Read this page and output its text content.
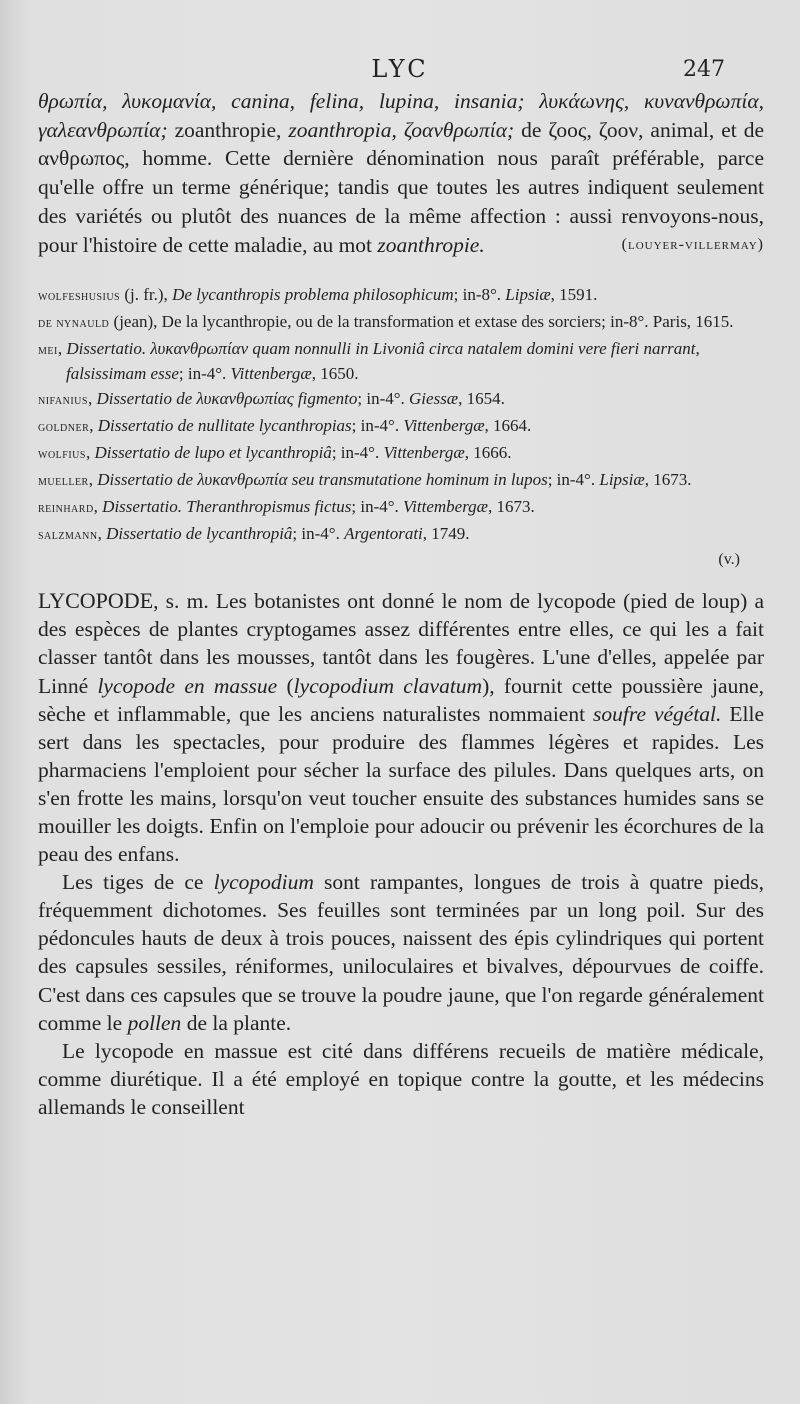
LYC	247

θρωπία, λυκομανία, canina, felina, lupina, insania; λυκάωνης, κυνανθρωπία, γαλεανθρωπία; zoanthropie, zoanthropia, ζοανθρωπία; de ζοος, ζοον, animal, et de ανθρωπος, homme. Cette dernière dénomination nous paraît préférable, parce qu'elle offre un terme générique; tandis que toutes les autres indiquent seulement des variétés ou plutôt des nuances de la même affection : aussi renvoyons-nous, pour l'histoire de cette maladie, au mot zoanthropie.	(louyer-villermay)

wolfeshusius (j. fr.), De lycanthropis problema philosophicum; in-8°. Lipsiæ, 1591.

de nynauld (jean), De la lycanthropie, ou de la transformation et extase des sorciers; in-8°. Paris, 1615.

mei, Dissertatio. λυκανθρωπίαν quam nonnulli in Livoniâ circa natalem domini vere fieri narrant, falsissimam esse; in-4°. Vittenbergæ, 1650.

nifanius, Dissertatio de λυκανθρωπίας figmento; in-4°. Giessæ, 1654.

goldner, Dissertatio de nullitate lycanthropias; in-4°. Vittenbergæ, 1664.

wolfius, Dissertatio de lupo et lycanthropiâ; in-4°. Vittenbergæ, 1666.

mueller, Dissertatio de λυκανθρωπία seu transmutatione hominum in lupos; in-4°. Lipsiæ, 1673.

reinhard, Dissertatio. Theranthropismus fictus; in-4°. Vittembergæ, 1673.

salzmann, Dissertatio de lycanthropiâ; in-4°. Argentorati, 1749.

(v.)

LYCOPODE, s. m. Les botanistes ont donné le nom de lycopode (pied de loup) a des espèces de plantes cryptogames assez différentes entre elles, ce qui les a fait classer tantôt dans les mousses, tantôt dans les fougères. L'une d'elles, appelée par Linné lycopode en massue (lycopodium clavatum), fournit cette poussière jaune, sèche et inflammable, que les anciens naturalistes nommaient soufre végétal. Elle sert dans les spectacles, pour produire des flammes légères et rapides. Les pharmaciens l'emploient pour sécher la surface des pilules. Dans quelques arts, on s'en frotte les mains, lorsqu'on veut toucher ensuite des substances humides sans se mouiller les doigts. Enfin on l'emploie pour adoucir ou prévenir les écorchures de la peau des enfans.

Les tiges de ce lycopodium sont rampantes, longues de trois à quatre pieds, fréquemment dichotomes. Ses feuilles sont terminées par un long poil. Sur des pédoncules hauts de deux à trois pouces, naissent des épis cylindriques qui portent des capsules sessiles, réniformes, uniloculaires et bivalves, dépourvues de coiffe. C'est dans ces capsules que se trouve la poudre jaune, que l'on regarde généralement comme le pollen de la plante.

Le lycopode en massue est cité dans différens recueils de matière médicale, comme diurétique. Il a été employé en topique contre la goutte, et les médecins allemands le conseillent
